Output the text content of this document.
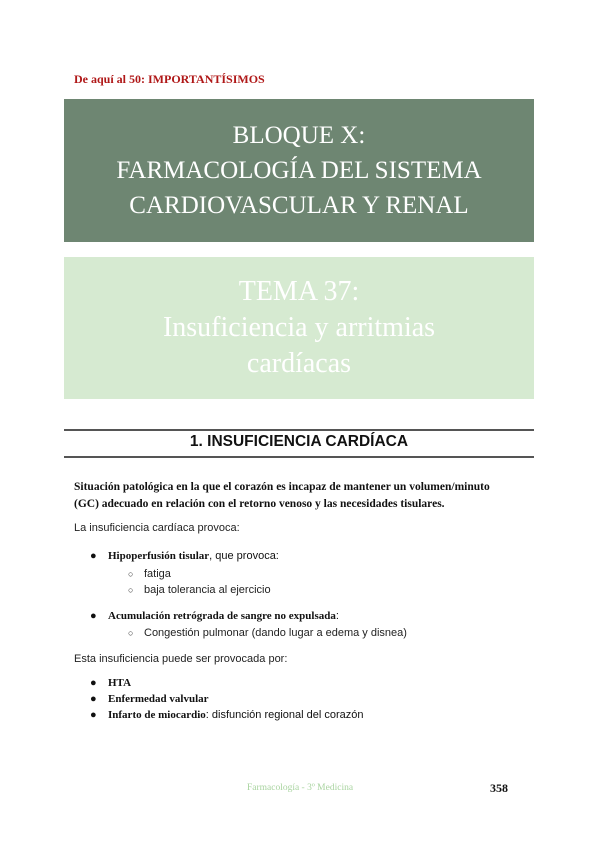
De aquí al 50: IMPORTANTÍSIMOS
BLOQUE X:
FARMACOLOGÍA DEL SISTEMA
CARDIOVASCULAR Y RENAL
TEMA 37:
Insuficiencia y arritmias
cardíacas
1. INSUFICIENCIA CARDÍACA
Situación patológica en la que el corazón es incapaz de mantener un volumen/minuto
(GC) adecuado en relación con el retorno venoso y las necesidades tisulares.
La insuficiencia cardíaca provoca:
● Hipoperfusión tisular, que provoca:
○ fatiga
○ baja tolerancia al ejercicio
● Acumulación retrógrada de sangre no expulsada:
○ Congestión pulmonar (dando lugar a edema y disnea)
Esta insuficiencia puede ser provocada por:
● HTA
● Enfermedad valvular
● Infarto de miocardio: disfunción regional del corazón
Farmacología - 3º Medicina	358
